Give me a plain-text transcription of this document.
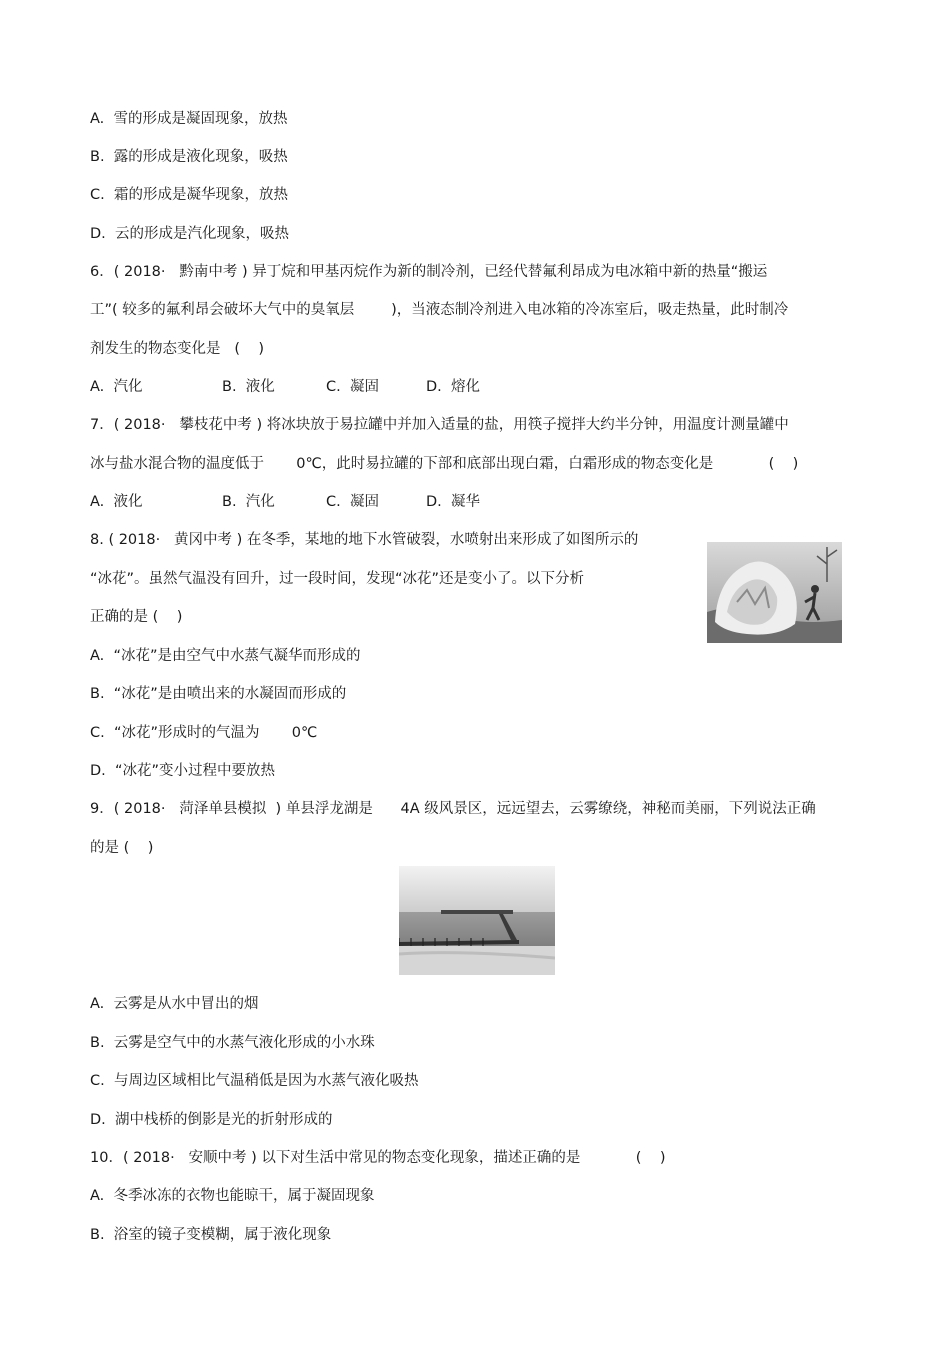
A.  雪的形成是凝固现象，放热
B.  露的形成是液化现象，吸热
C.  霜的形成是凝华现象，放热
D.  云的形成是汽化现象，吸热
6．( 2018·   黔南中考 ) 异丁烷和甲基丙烷作为新的制冷剂，已经代替氟利昂成为电冰箱中新的热量“搬运
工”( 较多的氟利昂会破坏大气中的臭氧层        )，当液态制冷剂进入电冰箱的冷冻室后，吸走热量，此时制冷
剂发生的物态变化是   (    )
A.  汽化	B.  液化	C.  凝固	D.  熔化
7．( 2018·   攀枝花中考 ) 将冰块放于易拉罐中并加入适量的盐，用筷子搅拌大约半分钟，用温度计测量罐中
冰与盐水混合物的温度低于       0℃，此时易拉罐的下部和底部出现白霜，白霜形成的物态变化是            (    )
A.  液化	B.  汽化	C.  凝固	D.  凝华
8. ( 2018·   黄冈中考 ) 在冬季，某地的地下水管破裂，水喷射出来形成了如图所示的
“冰花”。虽然气温没有回升，过一段时间，发现“冰花”还是变小了。以下分析
正确的是 (    )
A.  “冰花”是由空气中水蒸气凝华而形成的
B.  “冰花”是由喷出来的水凝固而形成的
C.  “冰花”形成时的气温为       0℃
D.  “冰花”变小过程中要放热
9．( 2018·   菏泽单县模拟  ) 单县浮龙湖是      4A 级风景区，远远望去，云雾缭绕，神秘而美丽，下列说法正确
的是 (    )
A.  云雾是从水中冒出的烟
B.  云雾是空气中的水蒸气液化形成的小水珠
C.  与周边区域相比气温稍低是因为水蒸气液化吸热
D.  湖中栈桥的倒影是光的折射形成的
10．( 2018·   安顺中考 ) 以下对生活中常见的物态变化现象，描述正确的是            (    )
A.  冬季冰冻的衣物也能晾干，属于凝固现象
B.  浴室的镜子变模糊，属于液化现象
